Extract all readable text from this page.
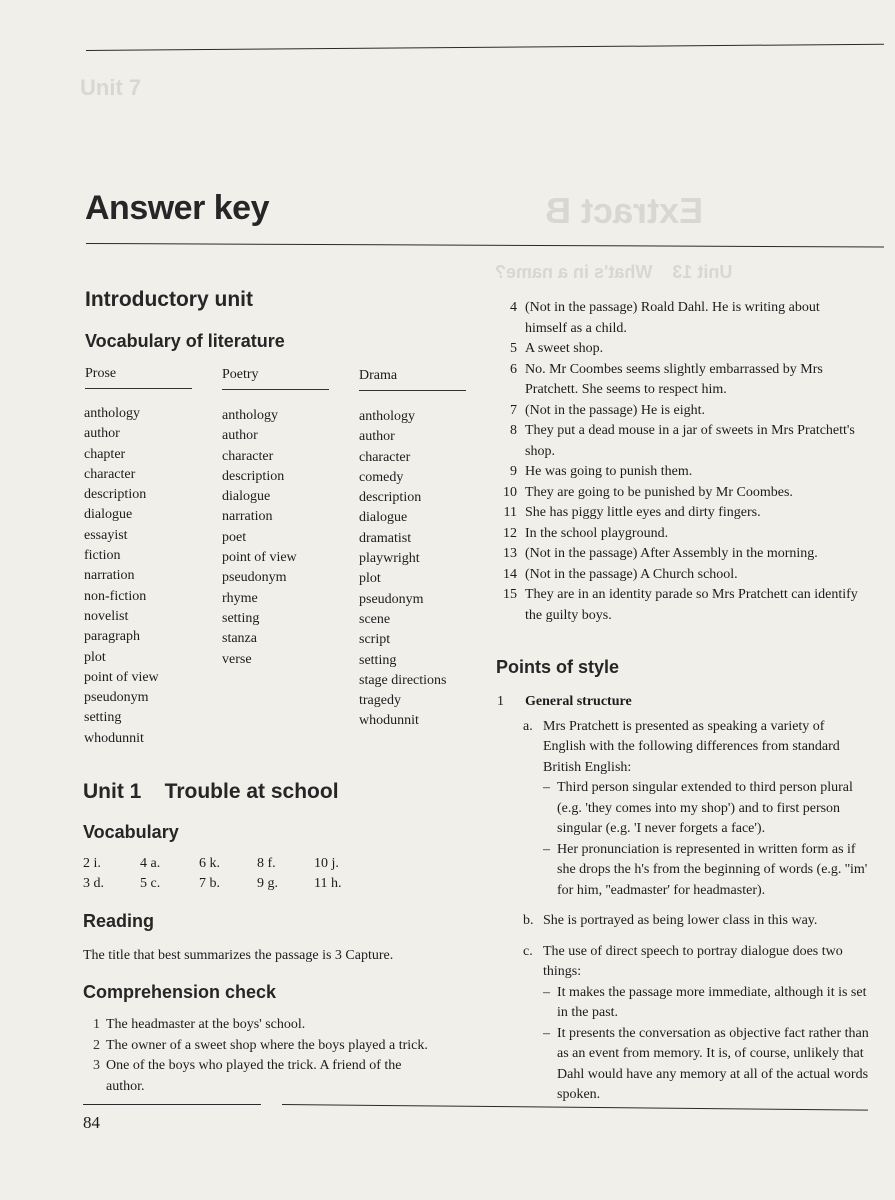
Unit 7
Extract B
Unit 13    What's in a name?
Answer key
Introductory unit
Vocabulary of literature
Prose
anthology
author
chapter
character
description
dialogue
essayist
fiction
narration
non-fiction
novelist
paragraph
plot
point of view
pseudonym
setting
whodunnit
Poetry
anthology
author
character
description
dialogue
narration
poet
point of view
pseudonym
rhyme
setting
stanza
verse
Drama
anthology
author
character
comedy
description
dialogue
dramatist
playwright
plot
pseudonym
scene
script
setting
stage directions
tragedy
whodunnit
Unit 1    Trouble at school
Vocabulary
2 i.	4 a.	6 k.	8 f.	10 j.
3 d.	5 c.	7 b.	9 g.	11 h.
Reading

The title that best summarizes the passage is 3 Capture.

Comprehension check
1 The headmaster at the boys' school.
2 The owner of a sweet shop where the boys played a trick.
3 One of the boys who played the trick. A friend of the author.
84
4 (Not in the passage) Roald Dahl. He is writing about himself as a child.
5 A sweet shop.
6 No. Mr Coombes seems slightly embarrassed by Mrs Pratchett. She seems to respect him.
7 (Not in the passage) He is eight.
8 They put a dead mouse in a jar of sweets in Mrs Pratchett's shop.
9 He was going to punish them.
10 They are going to be punished by Mr Coombes.
11 She has piggy little eyes and dirty fingers.
12 In the school playground.
13 (Not in the passage) After Assembly in the morning.
14 (Not in the passage) A Church school.
15 They are in an identity parade so Mrs Pratchett can identify the guilty boys.
Points of style
1 General structure
a. Mrs Pratchett is presented as speaking a variety of English with the following differences from standard British English:
– Third person singular extended to third person plural (e.g. 'they comes into my shop') and to first person singular (e.g. 'I never forgets a face').
– Her pronunciation is represented in written form as if she drops the h's from the beginning of words (e.g. ''im' for him, ''eadmaster' for headmaster).
b. She is portrayed as being lower class in this way.
c. The use of direct speech to portray dialogue does two things:
– It makes the passage more immediate, although it is set in the past.
– It presents the conversation as objective fact rather than as an event from memory. It is, of course, unlikely that Dahl would have any memory at all of the actual words spoken.
